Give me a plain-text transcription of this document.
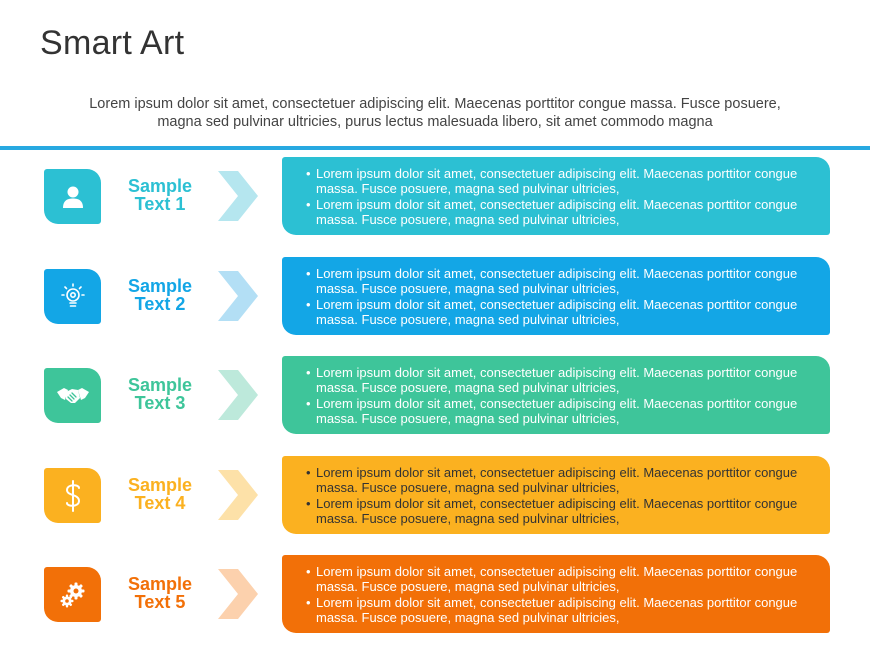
Smart Art
Lorem ipsum dolor sit amet, consectetuer adipiscing elit. Maecenas porttitor congue massa. Fusce posuere,
magna sed pulvinar ultricies, purus lectus malesuada libero, sit amet commodo magna
Sample
Text 1

• Lorem ipsum dolor sit amet, consectetuer adipiscing elit. Maecenas porttitor congue massa. Fusce posuere, magna sed pulvinar ultricies,

• Lorem ipsum dolor sit amet, consectetuer adipiscing elit. Maecenas porttitor congue massa. Fusce posuere, magna sed pulvinar ultricies,

Sample
Text 2

• Lorem ipsum dolor sit amet, consectetuer adipiscing elit. Maecenas porttitor congue massa. Fusce posuere, magna sed pulvinar ultricies,

• Lorem ipsum dolor sit amet, consectetuer adipiscing elit. Maecenas porttitor congue massa. Fusce posuere, magna sed pulvinar ultricies,

Sample
Text 3

• Lorem ipsum dolor sit amet, consectetuer adipiscing elit. Maecenas porttitor congue massa. Fusce posuere, magna sed pulvinar ultricies,

• Lorem ipsum dolor sit amet, consectetuer adipiscing elit. Maecenas porttitor congue massa. Fusce posuere, magna sed pulvinar ultricies,

Sample
Text 4

• Lorem ipsum dolor sit amet, consectetuer adipiscing elit. Maecenas porttitor congue massa. Fusce posuere, magna sed pulvinar ultricies,

• Lorem ipsum dolor sit amet, consectetuer adipiscing elit. Maecenas porttitor congue massa. Fusce posuere, magna sed pulvinar ultricies,

Sample
Text 5

• Lorem ipsum dolor sit amet, consectetuer adipiscing elit. Maecenas porttitor congue massa. Fusce posuere, magna sed pulvinar ultricies,

• Lorem ipsum dolor sit amet, consectetuer adipiscing elit. Maecenas porttitor congue massa. Fusce posuere, magna sed pulvinar ultricies,
